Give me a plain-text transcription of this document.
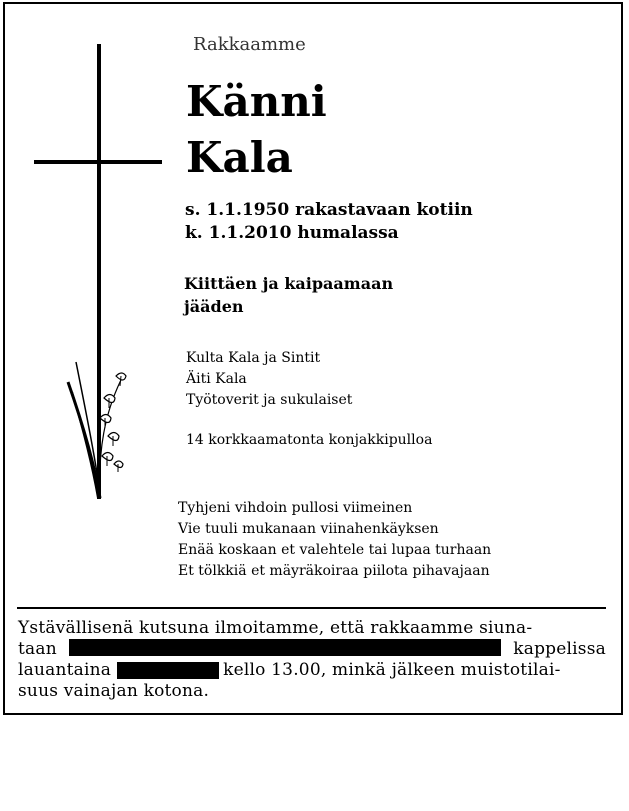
Rakkaamme
Känni
Kala
s. 1.1.1950 rakastavaan kotiin
k. 1.1.2010 humalassa
Kiittäen ja kaipaamaan
jääden
Kulta Kala ja Sintit
Äiti Kala
Työtoverit ja sukulaiset
14 korkkaamatonta konjakkipulloa
Tyhjeni vihdoin pullosi viimeinen
Vie tuuli mukanaan viinahenkäyksen
Enää koskaan et valehtele tai lupaa turhaan
Et tölkkiä et mäyräkoiraa piilota pihavajaan
Ystävällisenä kutsuna ilmoitamme, että rakkaamme siuna-
taan	kappelissa
lauantaina	kello 13.00, minkä jälkeen muistotilai-
suus vainajan kotona.
